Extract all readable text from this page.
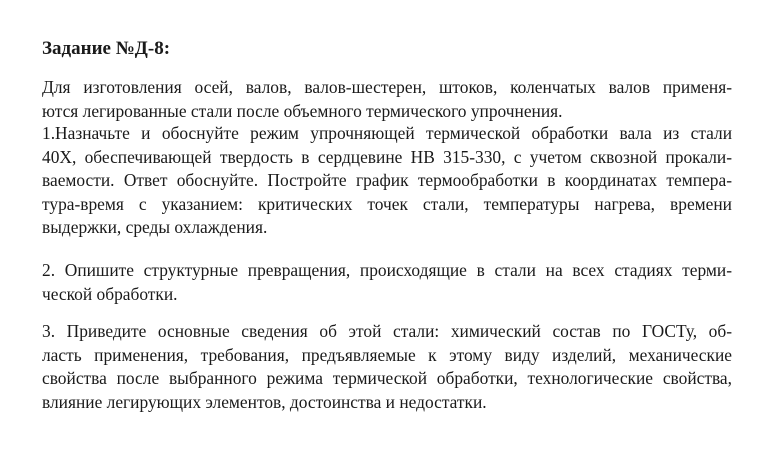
Задание №Д-8:
Для изготовления осей, валов, валов-шестерен, штоков, коленчатых валов применя-
ются легированные стали после объемного термического упрочнения.
1.Назначьте и обоснуйте режим упрочняющей термической обработки вала из стали
40Х, обеспечивающей твердость в сердцевине НВ 315-330, с учетом сквозной прокали-
ваемости. Ответ обоснуйте. Постройте график термообработки в координатах темпера-
тура-время с указанием: критических точек стали, температуры нагрева, времени
выдержки, среды охлаждения.
2. Опишите структурные превращения, происходящие в стали на всех стадиях терми-
ческой обработки.
3. Приведите основные сведения об этой стали: химический состав по ГОСТу, об-
ласть применения, требования, предъявляемые к этому виду изделий, механические
свойства после выбранного режима термической обработки, технологические свойства,
влияние легирующих элементов, достоинства и недостатки.
